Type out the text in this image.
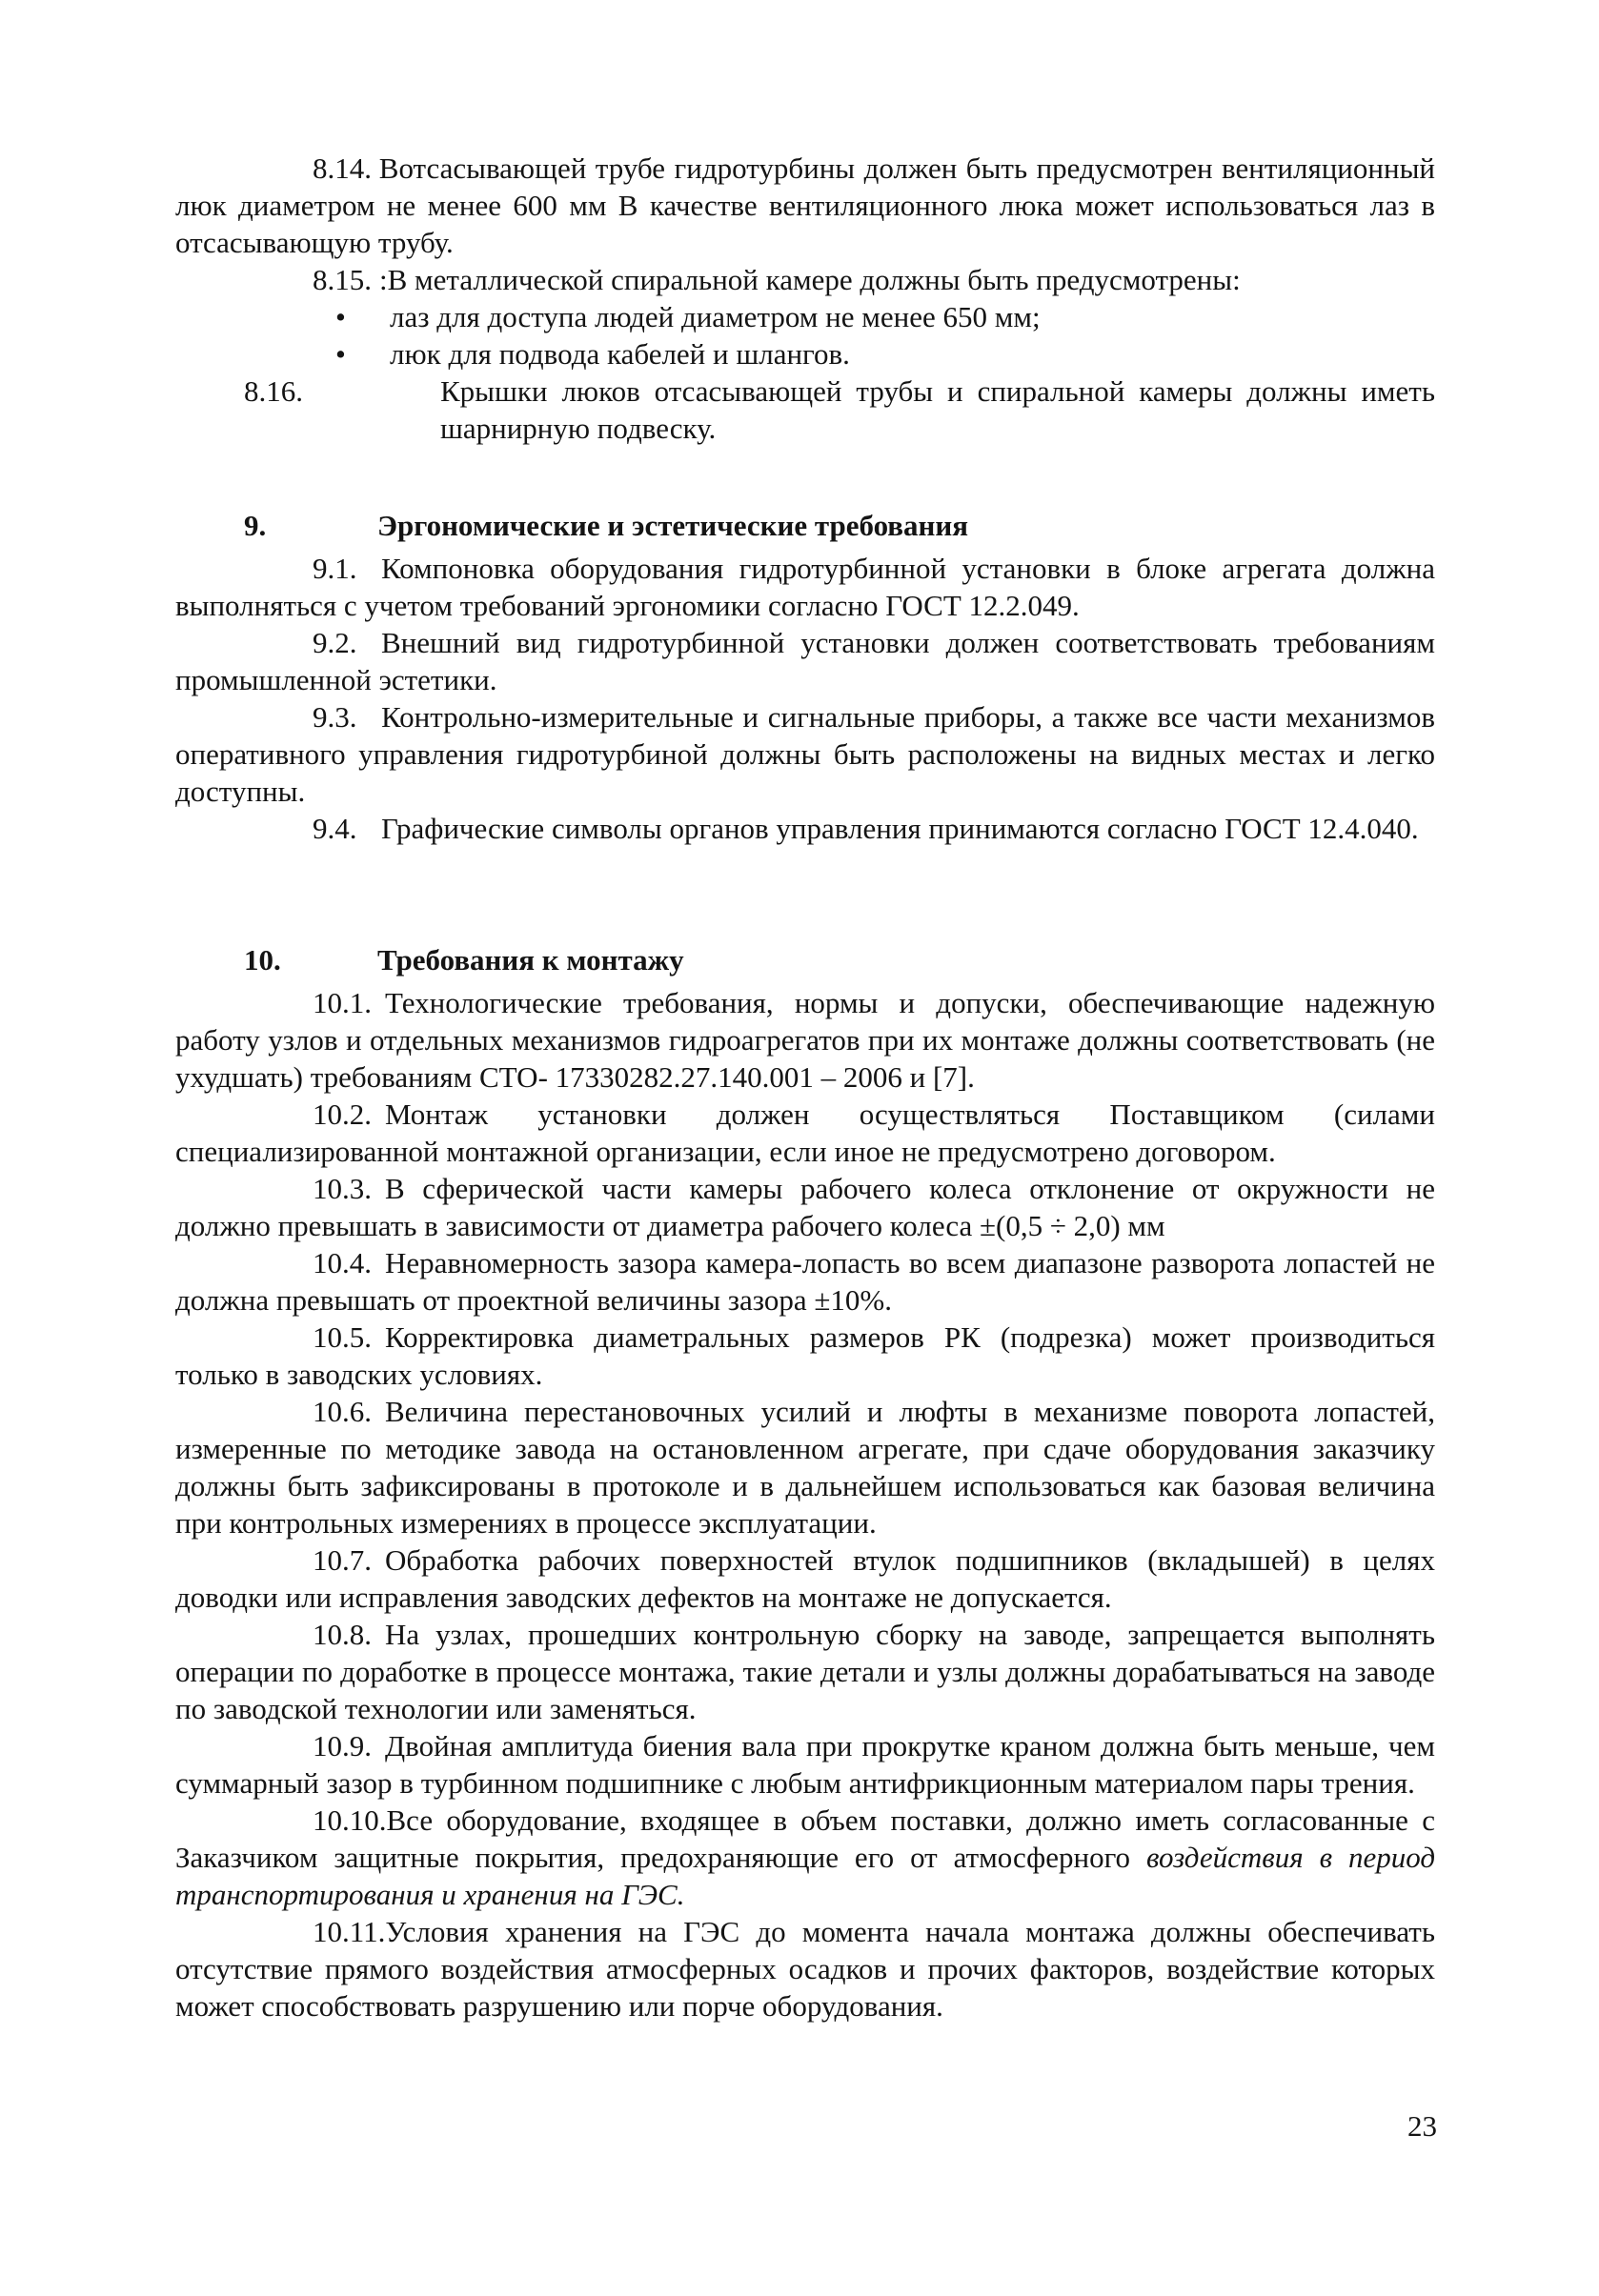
8.14. Вотсасывающей трубе гидротурбины должен быть предусмотрен вентиляционный люк диаметром не менее 600 мм В качестве вентиляционного люка может использоваться лаз в отсасывающую трубу.

8.15. :В металлической спиральной камере должны быть предусмотрены:

• лаз для доступа людей диаметром не менее 650 мм;
• люк для подвода кабелей и шлангов.

8.16.	Крышки люков отсасывающей трубы и спиральной камеры должны иметь шарнирную подвеску.

9.	Эргономические и эстетические требования

9.1. Компоновка оборудования гидротурбинной установки в блоке агрегата должна выполняться с учетом требований эргономики согласно ГОСТ 12.2.049.

9.2. Внешний вид гидротурбинной установки должен соответствовать требованиям промышленной эстетики.

9.3. Контрольно-измерительные и сигнальные приборы, а также все части механизмов оперативного управления гидротурбиной должны быть расположены на видных местах и легко доступны.

9.4. Графические символы органов управления принимаются согласно ГОСТ 12.4.040.

10.	Требования к монтажу

10.1. Технологические требования, нормы и допуски, обеспечивающие надежную работу узлов и отдельных механизмов гидроагрегатов при их монтаже должны соответствовать (не ухудшать) требованиям СТО- 17330282.27.140.001 – 2006 и [7].

10.2. Монтаж установки должен осуществляться Поставщиком (силами специализированной монтажной организации, если иное не предусмотрено договором.

10.3. В сферической части камеры рабочего колеса отклонение от окружности не должно превышать в зависимости от диаметра рабочего колеса ±(0,5 ÷ 2,0) мм

10.4. Неравномерность зазора камера-лопасть во всем диапазоне разворота лопастей не должна превышать от проектной величины зазора ±10%.

10.5. Корректировка диаметральных размеров РК (подрезка) может производиться только в заводских условиях.

10.6. Величина перестановочных усилий и люфты в механизме поворота лопастей, измеренные по методике завода на остановленном агрегате, при сдаче оборудования заказчику должны быть зафиксированы в протоколе и в дальнейшем использоваться как базовая величина при контрольных измерениях в процессе эксплуатации.

10.7. Обработка рабочих поверхностей втулок подшипников (вкладышей) в целях доводки или исправления заводских дефектов на монтаже не допускается.

10.8. На узлах, прошедших контрольную сборку на заводе, запрещается выполнять операции по доработке в процессе монтажа, такие детали и узлы должны дорабатываться на заводе по заводской технологии или заменяться.

10.9. Двойная амплитуда биения вала при прокрутке краном должна быть меньше, чем суммарный зазор в турбинном подшипнике с любым антифрикционным материалом пары трения.

10.10.Все оборудование, входящее в объем поставки, должно иметь согласованные с Заказчиком защитные покрытия, предохраняющие его от атмосферного воздействия в период транспортирования и хранения на ГЭС.

10.11.Условия хранения на ГЭС до момента начала монтажа должны обеспечивать отсутствие прямого воздействия атмосферных осадков и прочих факторов, воздействие которых может способствовать разрушению или порче оборудования.

23
